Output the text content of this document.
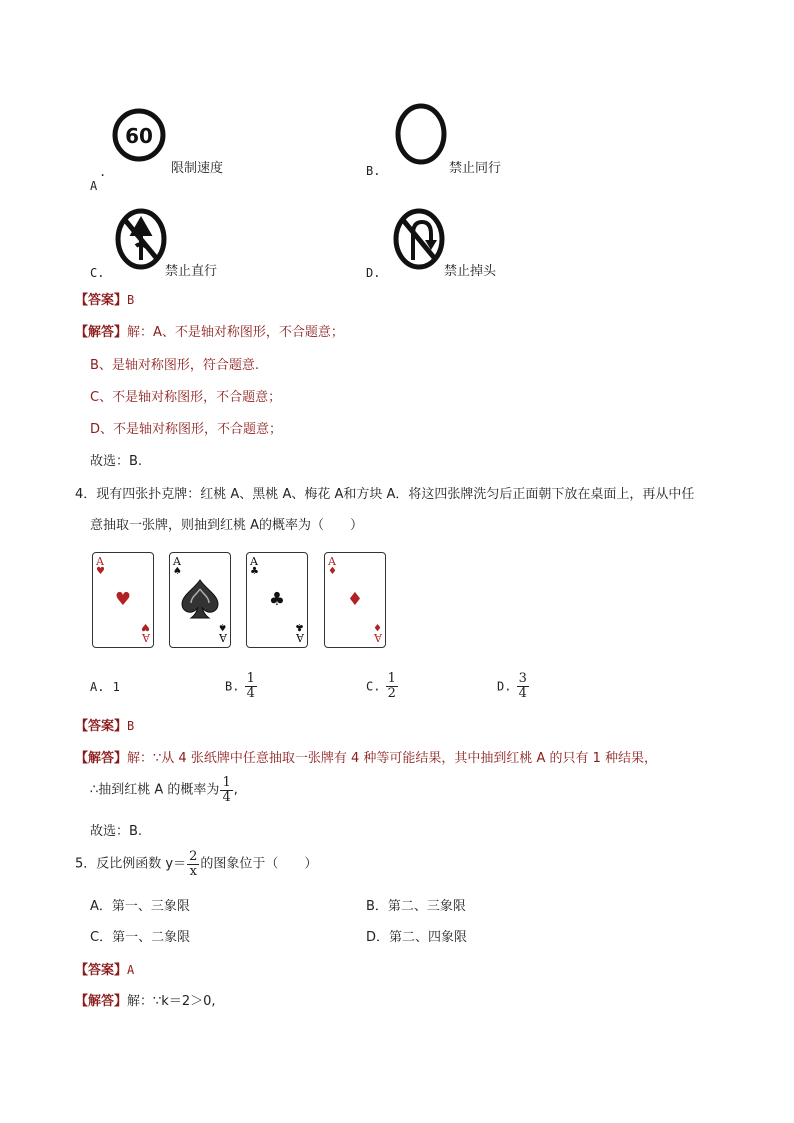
60
.
A
限制速度	B.	禁止同行
C.	禁止直行	D.	禁止掉头
【答案】B
【解答】解：A、不是轴对称图形，不合题意；
B、是轴对称图形，符合题意.
C、不是轴对称图形，不合题意；
D、不是轴对称图形，不合题意；
故选：B.
4．现有四张扑克牌：红桃 A、黑桃 A、梅花 A和方块 A．将这四张牌洗匀后正面朝下放在桌面上，再从中任
意抽取一张牌，则抽到红桃 A的概率为（　　）
A
♥
♥
♥
A
A
♠
♠
A
A
♣
♣
♣
A
A
♦
♦
♦
A
A. 1	B. $\frac{1}{4}$	C. $\frac{1}{2}$	D. $\frac{3}{4}$
【答案】B
【解答】解：∵从 4 张纸牌中任意抽取一张牌有 4 种等可能结果，其中抽到红桃 A 的只有 1 种结果，
∴抽到红桃 A 的概率为 $\frac{1}{4}$ ,
故选：B.
5．反比例函数 $y= \frac{2}{x}$ 的图象位于（　　）
A．第一、三象限	B．第二、三象限
C．第一、二象限	D．第二、四象限
【答案】A
【解答】解：∵k＝2＞0,
